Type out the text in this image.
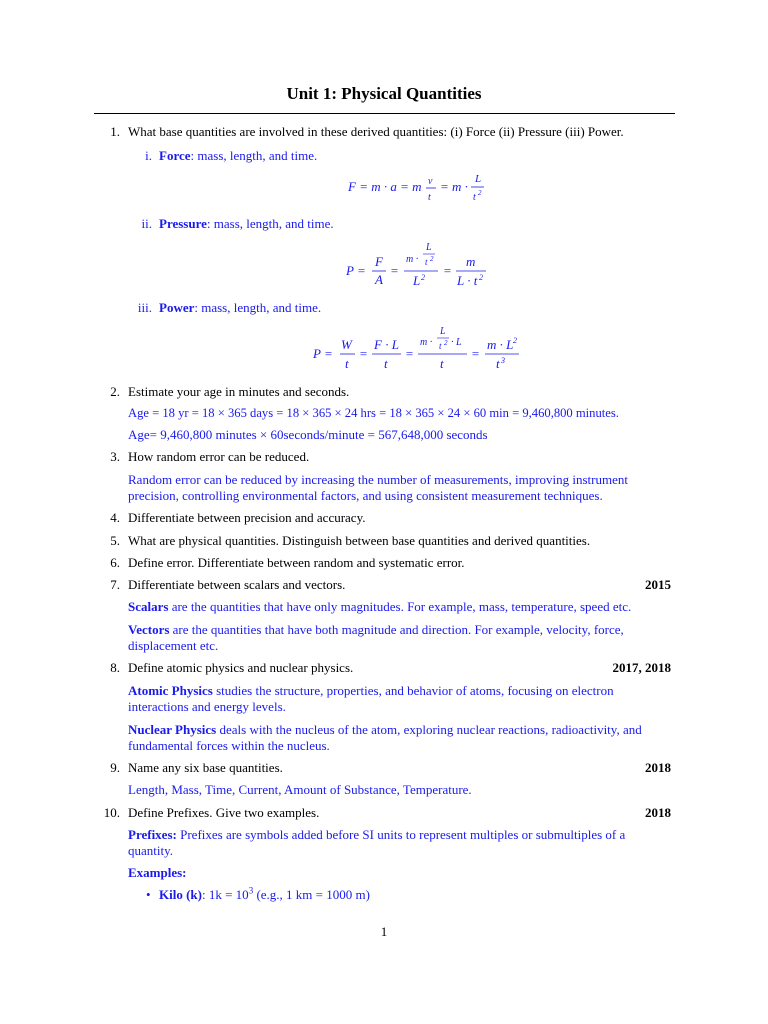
Unit 1: Physical Quantities
1. What base quantities are involved in these derived quantities: (i) Force (ii) Pressure (iii) Power.
i. Force: mass, length, and time.
F = m · a = m v
t
= m · L
t 2
ii. Pressure: mass, length, and time.
P =
F
A
=
m ·
L
t 2
L 2 =
m
L · t 2
iii. Power: mass, length, and time.
P =
W
t
=
F · L
t
=
m ·
L
t 2 · L
t
=
m · L 2
t 3
2. Estimate your age in minutes and seconds.
Age = 18 yr = 18 × 365 days = 18 × 365 × 24 hrs = 18 × 365 × 24 × 60 min = 9,460,800 minutes.
Age= 9,460,800 minutes × 60seconds/minute = 567,648,000 seconds
3. How random error can be reduced.
Random error can be reduced by increasing the number of measurements, improving instrument
precision, controlling environmental factors, and using consistent measurement techniques.
4. Differentiate between precision and accuracy.
5. What are physical quantities. Distinguish between base quantities and derived quantities.
6. Define error. Differentiate between random and systematic error.
7. Differentiate between scalars and vectors.	2015
Scalars are the quantities that have only magnitudes. For example, mass, temperature, speed etc.
Vectors are the quantities that have both magnitude and direction. For example, velocity, force,
displacement etc.
8. Define atomic physics and nuclear physics.	2017, 2018
Atomic Physics studies the structure, properties, and behavior of atoms, focusing on electron
interactions and energy levels.
Nuclear Physics deals with the nucleus of the atom, exploring nuclear reactions, radioactivity, and
fundamental forces within the nucleus.
9. Name any six base quantities.	2018
Length, Mass, Time, Current, Amount of Substance, Temperature.
10. Define Prefixes. Give two examples.	2018
Prefixes: Prefixes are symbols added before SI units to represent multiples or submultiples of a
quantity.
Examples:
• Kilo (k): $1k = 10^3$ (e.g., 1 km = 1000 m)
1
